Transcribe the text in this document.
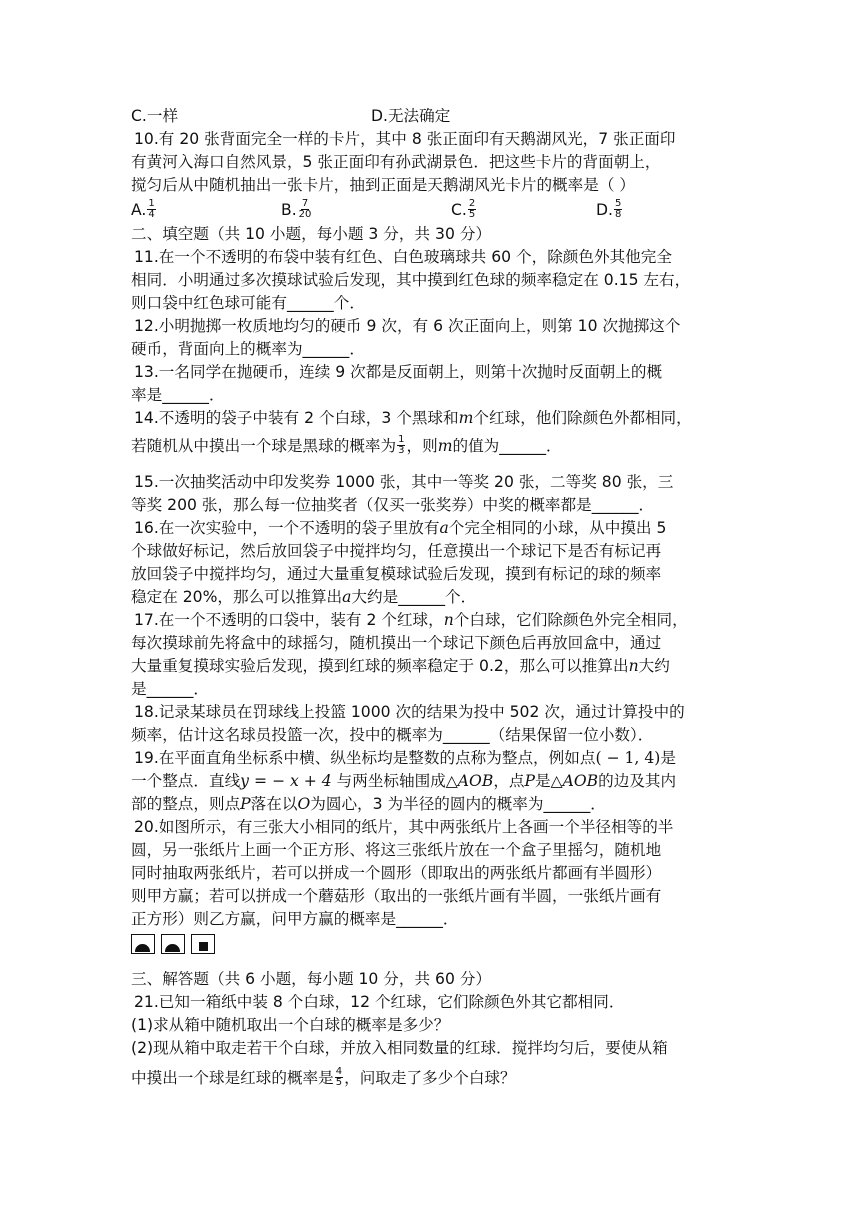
C.一样	D.无法确定
10.有 20 张背面完全一样的卡片，其中 8 张正面印有天鹅湖风光，7 张正面印
有黄河入海口自然风景，5 张正面印有孙武湖景色．把这些卡片的背面朝上，
搅匀后从中随机抽出一张卡片，抽到正面是天鹅湖风光卡片的概率是（ ）
A. $\frac{1}{4}$	B. $\frac{7}{20}$	C. $\frac{2}{5}$	D. $\frac{5}{8}$
二、填空题（共 10 小题，每小题 3 分，共 30 分）
11.在一个不透明的布袋中装有红色、白色玻璃球共 60 个，除颜色外其他完全
相同．小明通过多次摸球试验后发现，其中摸到红色球的频率稳定在 0.15 左右，
则口袋中红色球可能有______个．
12.小明抛掷一枚质地均匀的硬币 9 次，有 6 次正面向上，则第 10 次抛掷这个
硬币，背面向上的概率为______．
13.一名同学在抛硬币，连续 9 次都是反面朝上，则第十次抛时反面朝上的概
率是______．
14.不透明的袋子中装有 2 个白球，3 个黑球和m个红球，他们除颜色外都相同，
若随机从中摸出一个球是黑球的概率为 $\frac{1}{3}$ ，则m的值为______．
15.一次抽奖活动中印发奖券 1000 张，其中一等奖 20 张，二等奖 80 张，三
等奖 200 张，那么每一位抽奖者（仅买一张奖券）中奖的概率都是______．
16.在一次实验中，一个不透明的袋子里放有a个完全相同的小球，从中摸出 5
个球做好标记，然后放回袋子中搅拌均匀，任意摸出一个球记下是否有标记再
放回袋子中搅拌均匀，通过大量重复模球试验后发现，摸到有标记的球的频率
稳定在 20%，那么可以推算出a大约是______个．
17.在一个不透明的口袋中，装有 2 个红球，n个白球，它们除颜色外完全相同，
每次摸球前先将盒中的球摇匀，随机摸出一个球记下颜色后再放回盒中，通过
大量重复摸球实验后发现，摸到红球的频率稳定于 0.2，那么可以推算出n大约
是______．
18.记录某球员在罚球线上投篮 1000 次的结果为投中 502 次，通过计算投中的
频率，估计这名球员投篮一次，投中的概率为______（结果保留一位小数）．
19.在平面直角坐标系中横、纵坐标均是整数的点称为整点，例如点( − 1, 4)是
一个整点．直线y = − x + 4 与两坐标轴围成△AOB，点P是△AOB的边及其内
部的整点，则点P落在以O为圆心，3 为半径的圆内的概率为______．
20.如图所示，有三张大小相同的纸片，其中两张纸片上各画一个半径相等的半
圆，另一张纸片上画一个正方形、将这三张纸片放在一个盒子里摇匀，随机地
同时抽取两张纸片，若可以拼成一个圆形（即取出的两张纸片都画有半圆形）
则甲方赢；若可以拼成一个蘑菇形（取出的一张纸片画有半圆，一张纸片画有
正方形）则乙方赢，问甲方赢的概率是______．
三、解答题（共 6 小题，每小题 10 分，共 60 分）
21.已知一箱纸中装 8 个白球，12 个红球，它们除颜色外其它都相同．
(1)求从箱中随机取出一个白球的概率是多少？
(2)现从箱中取走若干个白球，并放入相同数量的红球．搅拌均匀后，要使从箱
中摸出一个球是红球的概率是 $\frac{4}{5}$ ，问取走了多少个白球？
